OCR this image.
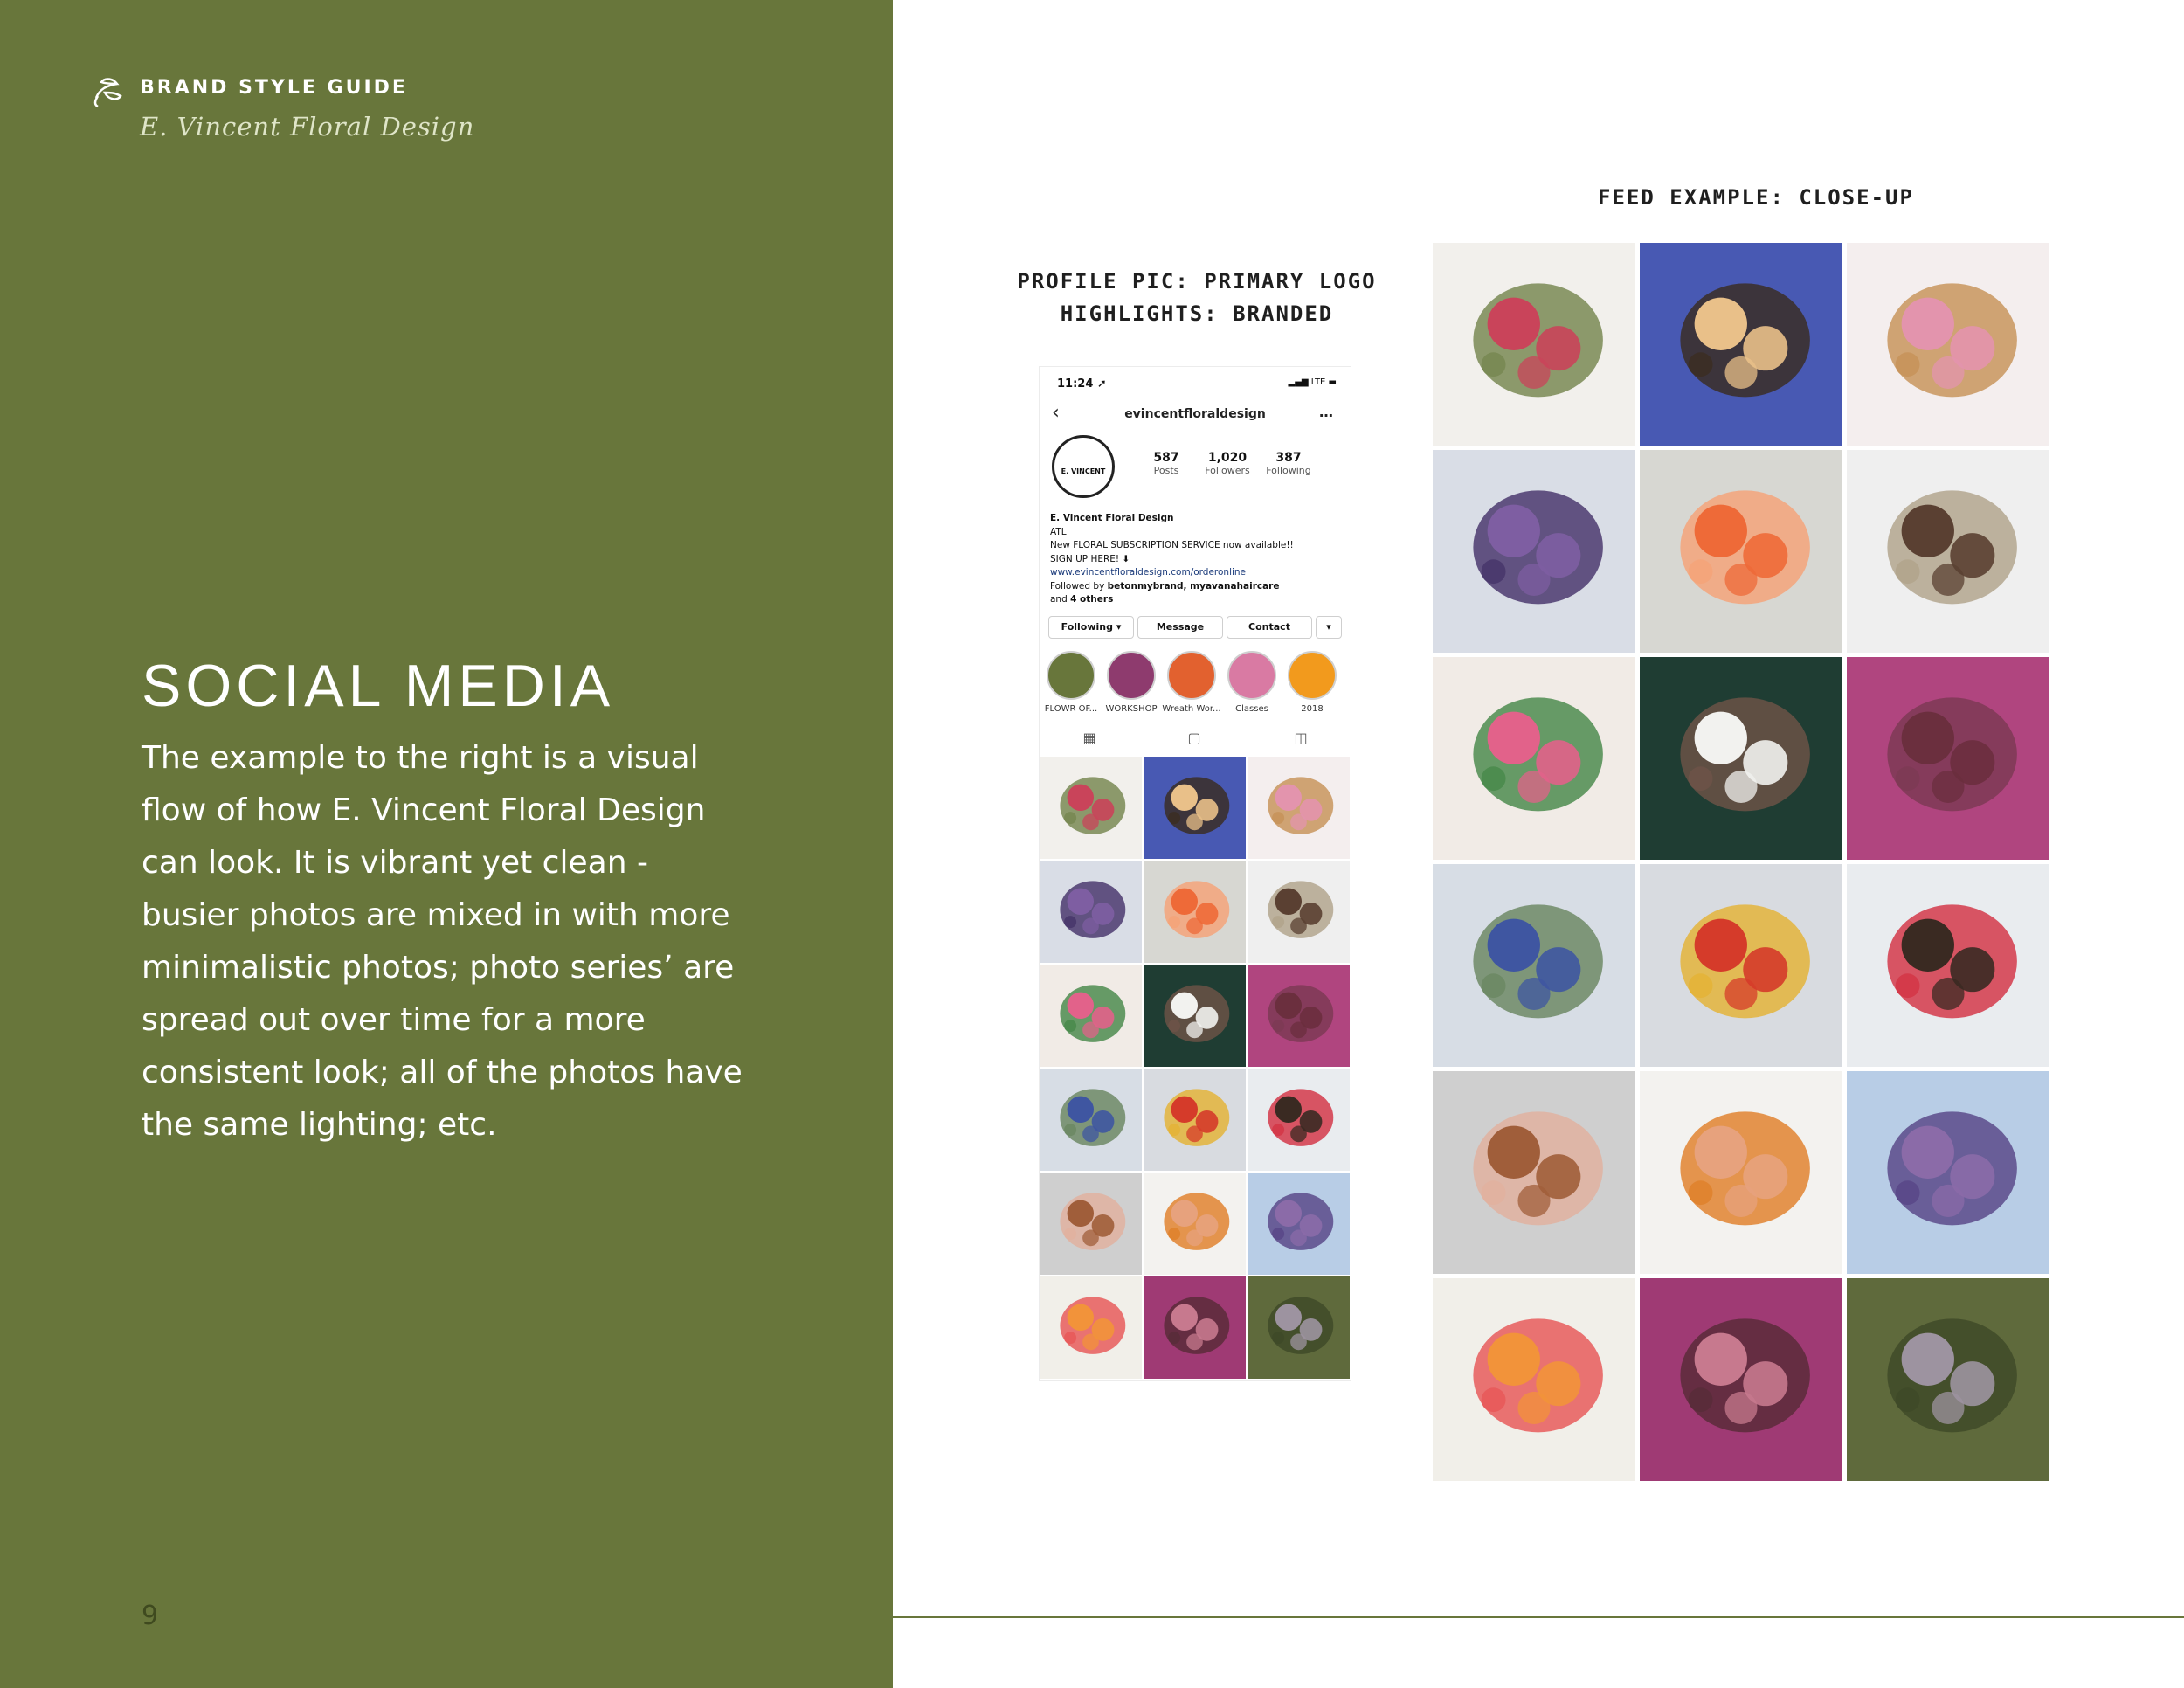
BRAND STYLE GUIDE
E. Vincent Floral Design
SOCIAL MEDIA

The example to the right is a visual flow of how E. Vincent Floral Design can look. It is vibrant yet clean - busier photos are mixed in with more minimalistic photos; photo series’ are spread out over time for a more consistent look; all of the photos have the same lighting; etc.

9
PROFILE PIC: PRIMARY LOGO
HIGHLIGHTS: BRANDED
FEED EXAMPLE: CLOSE-UP
11:24 ➚	▂▄▆ LTE ▬
‹	evincentfloraldesign	…
E. VINCENT
587
Posts
1,020
Followers
387
Following
E. Vincent Floral Design
ATL
New FLORAL SUBSCRIPTION SERVICE now available!!
SIGN UP HERE! ⬇
www.evincentfloraldesign.com/orderonline
Followed by betonmybrand, myavanahaircare
and 4 others
Following ▾	Message	Contact	▾
FLOWR OF... WORKSHOP Wreath Wor...	Classes	2018
▦	▢	◫
